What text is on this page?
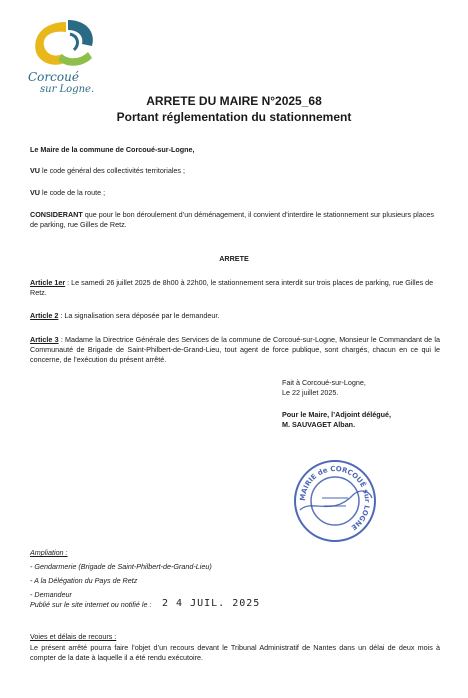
Corcoué
sur Logne.
ARRETE DU MAIRE N°2025_68
Portant réglementation du stationnement
Le Maire de la commune de Corcoué-sur-Logne,
VU le code général des collectivités territoriales ;
VU le code de la route ;
CONSIDERANT que pour le bon déroulement d’un déménagement, il convient d’interdire le stationnement sur plusieurs places de parking, rue Gilles de Retz.
ARRETE
Article 1er : Le samedi 26 juillet 2025 de 8h00 à 22h00, le stationnement sera interdit sur trois places de parking, rue Gilles de Retz.
Article 2 : La signalisation sera déposée par le demandeur.
Article 3 : Madame la Directrice Générale des Services de la commune de Corcoué-sur-Logne, Monsieur le Commandant de la Communauté de Brigade de Saint-Philbert-de-Grand-Lieu, tout agent de force publique, sont chargés, chacun en ce qui le concerne, de l’exécution du présent arrêté.
Fait à Corcoué-sur-Logne,
Le 22 juillet 2025.
Pour le Maire, l’Adjoint délégué,
M. SAUVAGET Alban.
MAIRIE de CORCOUÉ sur LOGNE
Ampliation :
- Gendarmerie (Brigade de Saint-Philbert-de-Grand-Lieu)
- A la Délégation du Pays de Retz
- Demandeur
Publié sur le site internet ou notifié le : 2 4 JUIL. 2025
Voies et délais de recours :
Le présent arrêté pourra faire l’objet d’un recours devant le Tribunal Administratif de Nantes dans un délai de deux mois à compter de la date à laquelle il a été rendu exécutoire.
